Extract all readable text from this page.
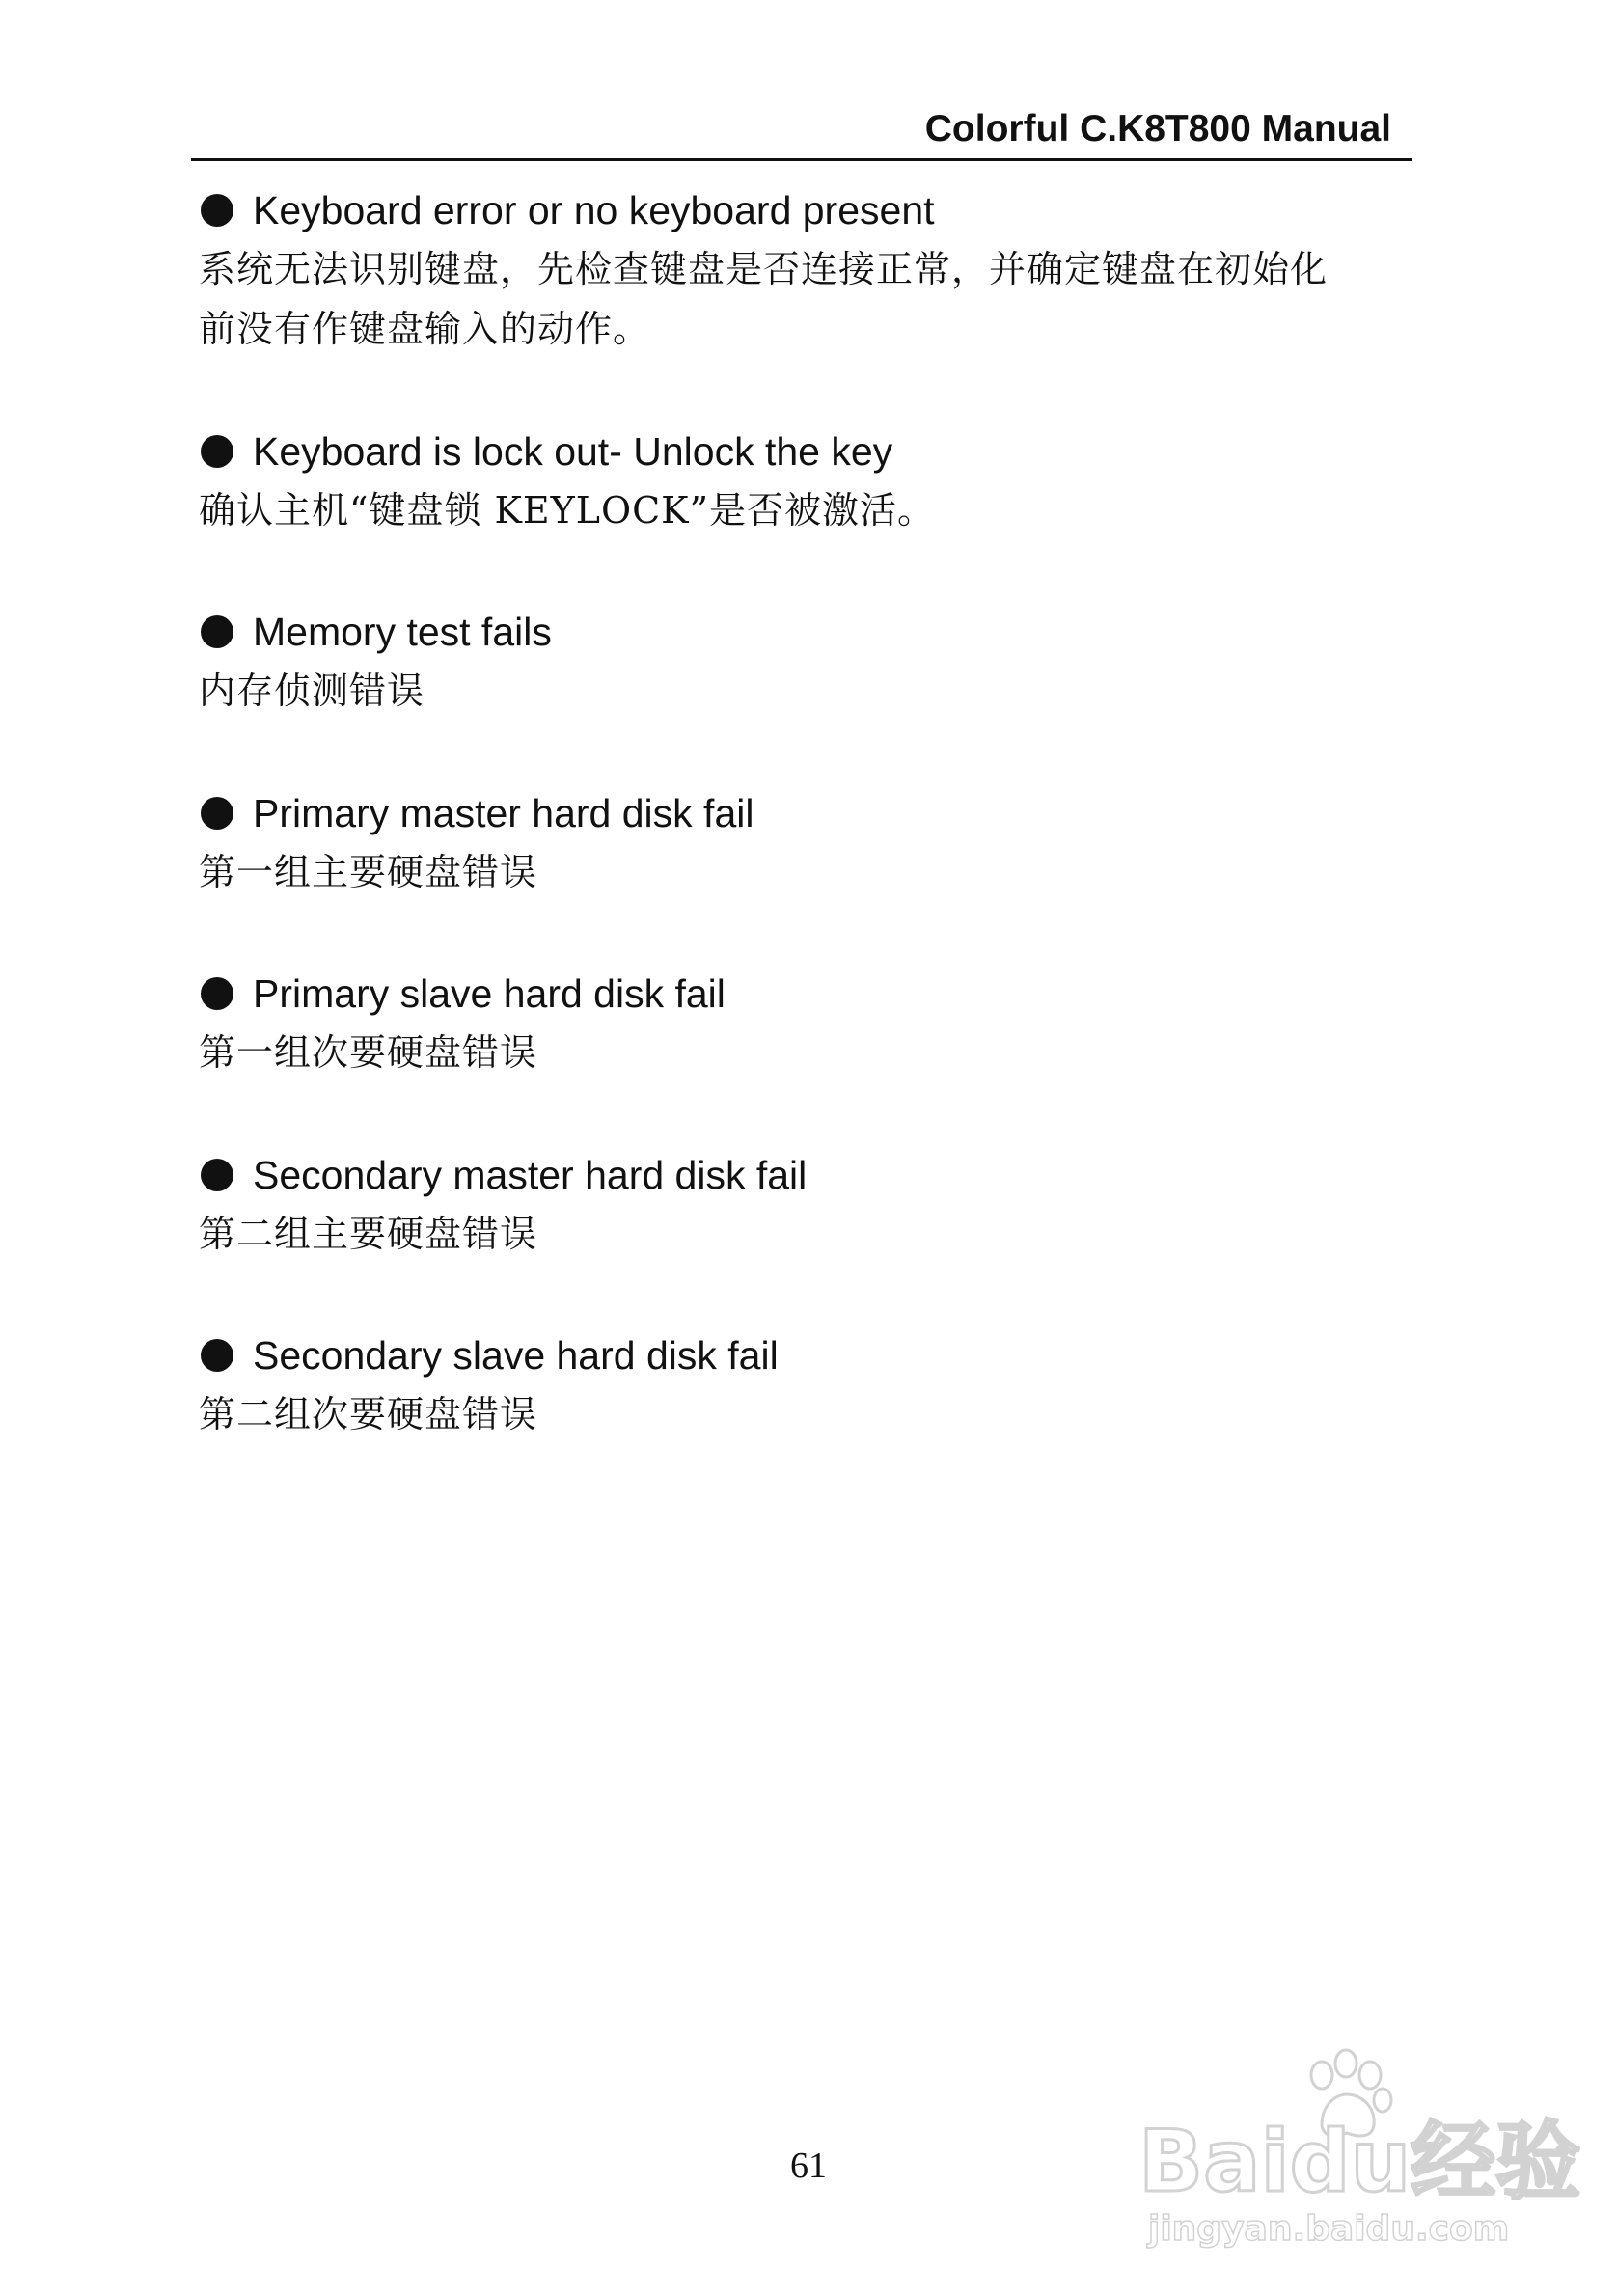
Colorful C.K8T800 Manual
Keyboard error or no keyboard present
系统无法识别键盘，先检查键盘是否连接正常，并确定键盘在初始化
前没有作键盘输入的动作。
Keyboard is lock out- Unlock the key
确认主机“键盘锁 KEYLOCK”是否被激活。
Memory test fails
内存侦测错误
Primary master hard disk fail
第一组主要硬盘错误
Primary slave hard disk fail
第一组次要硬盘错误
Secondary master hard disk fail
第二组主要硬盘错误
Secondary slave hard disk fail
第二组次要硬盘错误
61	Baidu经验
jingyan.baidu.com
